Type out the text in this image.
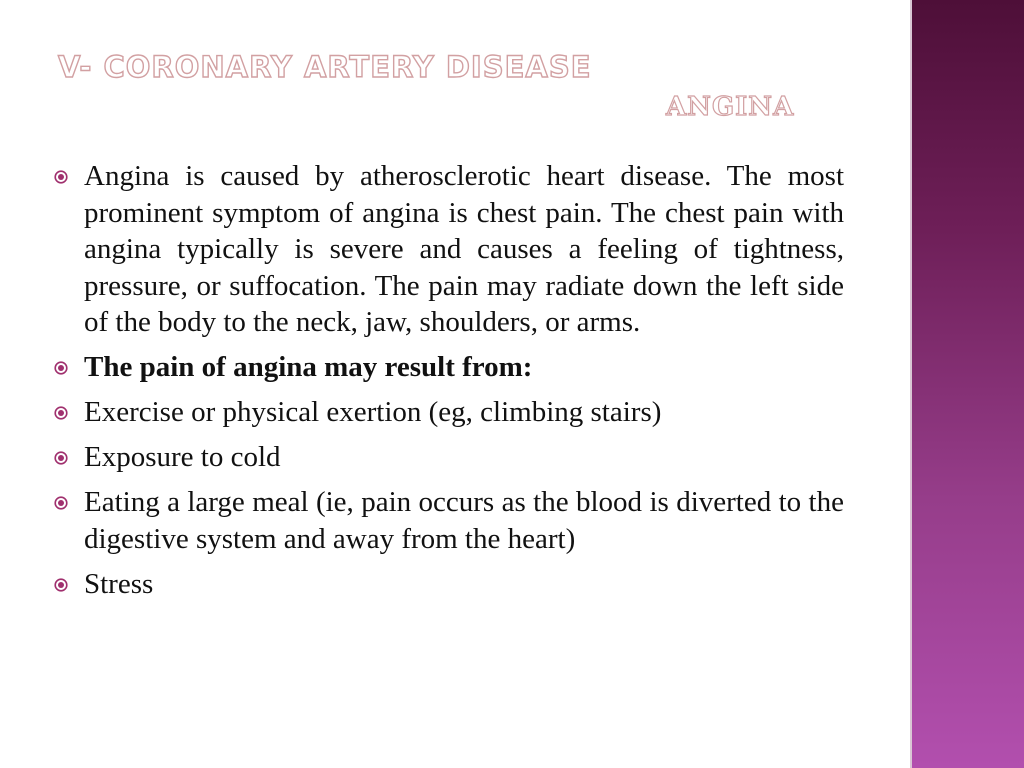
V- CORONARY ARTERY DISEASE
ANGINA
Angina is caused by atherosclerotic heart disease. The most prominent symptom of angina is chest pain. The chest pain with angina typically is severe and causes a feeling of tightness, pressure, or suffocation. The pain may radiate down the left side of the body to the neck, jaw, shoulders, or arms.
The pain of angina may result from:
Exercise or physical exertion (eg, climbing stairs)
Exposure to cold
Eating a large meal (ie, pain occurs as the blood is diverted to the digestive system and away from the heart)
Stress
